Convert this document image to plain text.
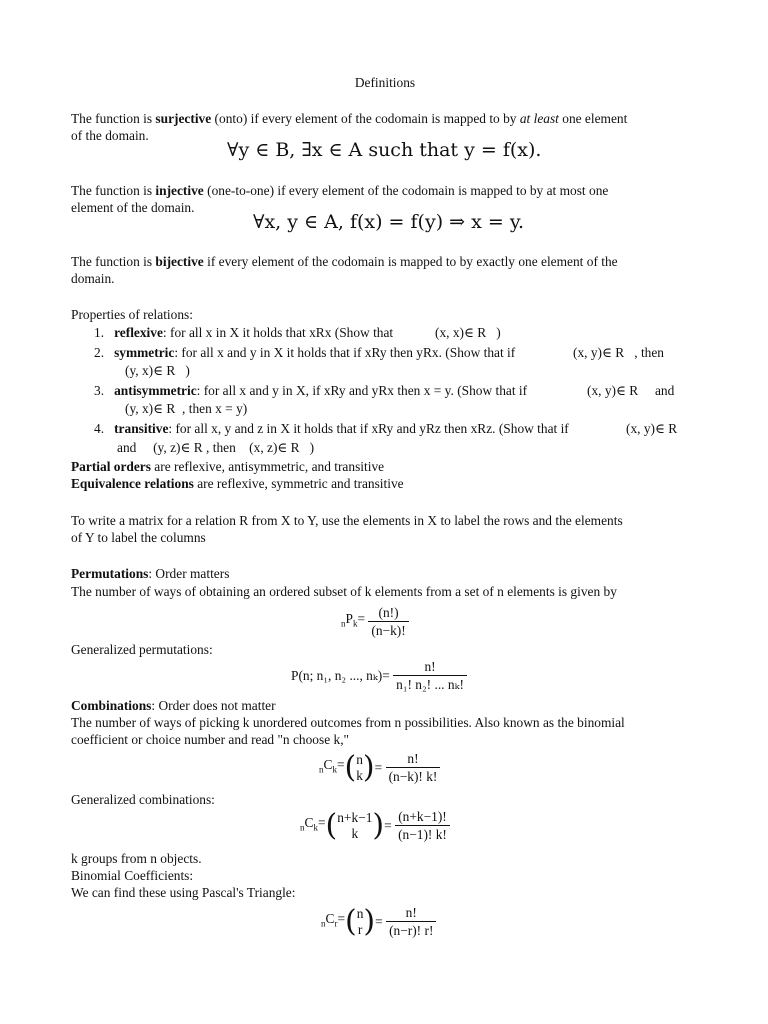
Definitions
The function is surjective (onto) if every element of the codomain is mapped to by at least one element
of the domain.
∀y ∈ B, ∃x ∈ A such that y = f(x).
The function is injective (one-to-one) if every element of the codomain is mapped to by at most one
element of the domain.
∀x, y ∈ A, f(x) = f(y) ⇒ x = y.
The function is bijective if every element of the codomain is mapped to by exactly one element of the
domain.
Properties of relations:
1. reflexive: for all x in X it holds that xRx (Show that	(x, x)∈ R )
2. symmetric: for all x and y in X it holds that if xRy then yRx. (Show that if	(x, y)∈ R , then
(y, x)∈ R )
3. antisymmetric: for all x and y in X, if xRy and yRx then x = y. (Show that if	(x, y)∈ R and
(y, x)∈ R , then x = y)
4. transitive: for all x, y and z in X it holds that if xRy and yRz then xRz. (Show that if	(x, y)∈ R
and (y, z)∈ R , then (x, z)∈ R )
Partial orders are reflexive, antisymmetric, and transitive
Equivalence relations are reflexive, symmetric and transitive
To write a matrix for a relation R from X to Y, use the elements in X to label the rows and the elements
of Y to label the columns
Permutations: Order matters
The number of ways of obtaining an ordered subset of k elements from a set of n elements is given by
$_nP_k= \frac{(n!)}{(n-k)!}$
Generalized permutations:
P(n; n₁, n₂ ..., $n_k)= \frac{n!}{\text{n₁! n₂! ... nₖ!}}$
Combinations: Order does not matter
The number of ways of picking k unordered outcomes from n possibilities. Also known as the binomial
coefficient or choice number and read "n choose k,"
$_nC_k=$( n
k )= $\frac{n!}{(n-k)! k!}$
Generalized combinations:
$_nC_k=$( n+k−1
k )= $\frac{(n+k-1)!}{(n-1)! k!}$
k groups from n objects.
Binomial Coefficients:
We can find these using Pascal's Triangle:
$_nC_r=$( n
r )= $\frac{n!}{(n-r)! r!}$
